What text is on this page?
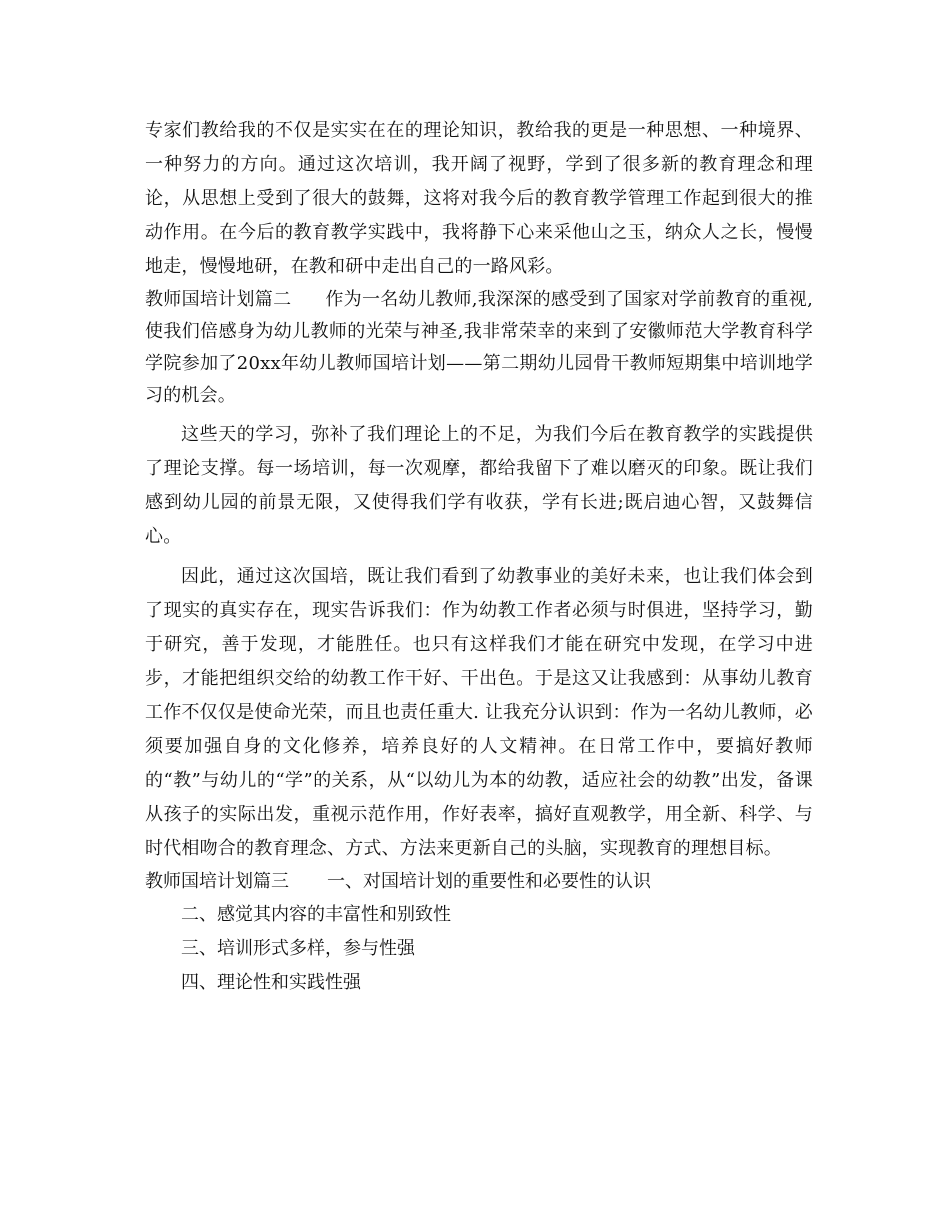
专家们教给我的不仅是实实在在的理论知识，教给我的更是一种思想、一种境界、一种努力的方向。通过这次培训，我开阔了视野，学到了很多新的教育理念和理论，从思想上受到了很大的鼓舞，这将对我今后的教育教学管理工作起到很大的推动作用。在今后的教育教学实践中，我将静下心来采他山之玉，纳众人之长，慢慢地走，慢慢地研，在教和研中走出自己的一路风彩。

教师国培计划篇二 作为一名幼儿教师,我深深的感受到了国家对学前教育的重视,使我们倍感身为幼儿教师的光荣与神圣,我非常荣幸的来到了安徽师范大学教育科学学院参加了20xx年幼儿教师国培计划——第二期幼儿园骨干教师短期集中培训地学习的机会。

这些天的学习，弥补了我们理论上的不足，为我们今后在教育教学的实践提供了理论支撑。每一场培训，每一次观摩，都给我留下了难以磨灭的印象。既让我们感到幼儿园的前景无限，又使得我们学有收获，学有长进;既启迪心智，又鼓舞信心。

因此，通过这次国培，既让我们看到了幼教事业的美好未来，也让我们体会到了现实的真实存在，现实告诉我们：作为幼教工作者必须与时俱进，坚持学习，勤于研究，善于发现，才能胜任。也只有这样我们才能在研究中发现，在学习中进步，才能把组织交给的幼教工作干好、干出色。于是这又让我感到：从事幼儿教育工作不仅仅是使命光荣，而且也责任重大. 让我充分认识到：作为一名幼儿教师，必须要加强自身的文化修养，培养良好的人文精神。在日常工作中，要搞好教师的“教”与幼儿的“学”的关系，从“以幼儿为本的幼教，适应社会的幼教”出发，备课从孩子的实际出发，重视示范作用，作好表率，搞好直观教学，用全新、科学、与时代相吻合的教育理念、方式、方法来更新自己的头脑，实现教育的理想目标。

教师国培计划篇三	一、对国培计划的重要性和必要性的认识

二、感觉其内容的丰富性和别致性

三、培训形式多样，参与性强

四、理论性和实践性强
